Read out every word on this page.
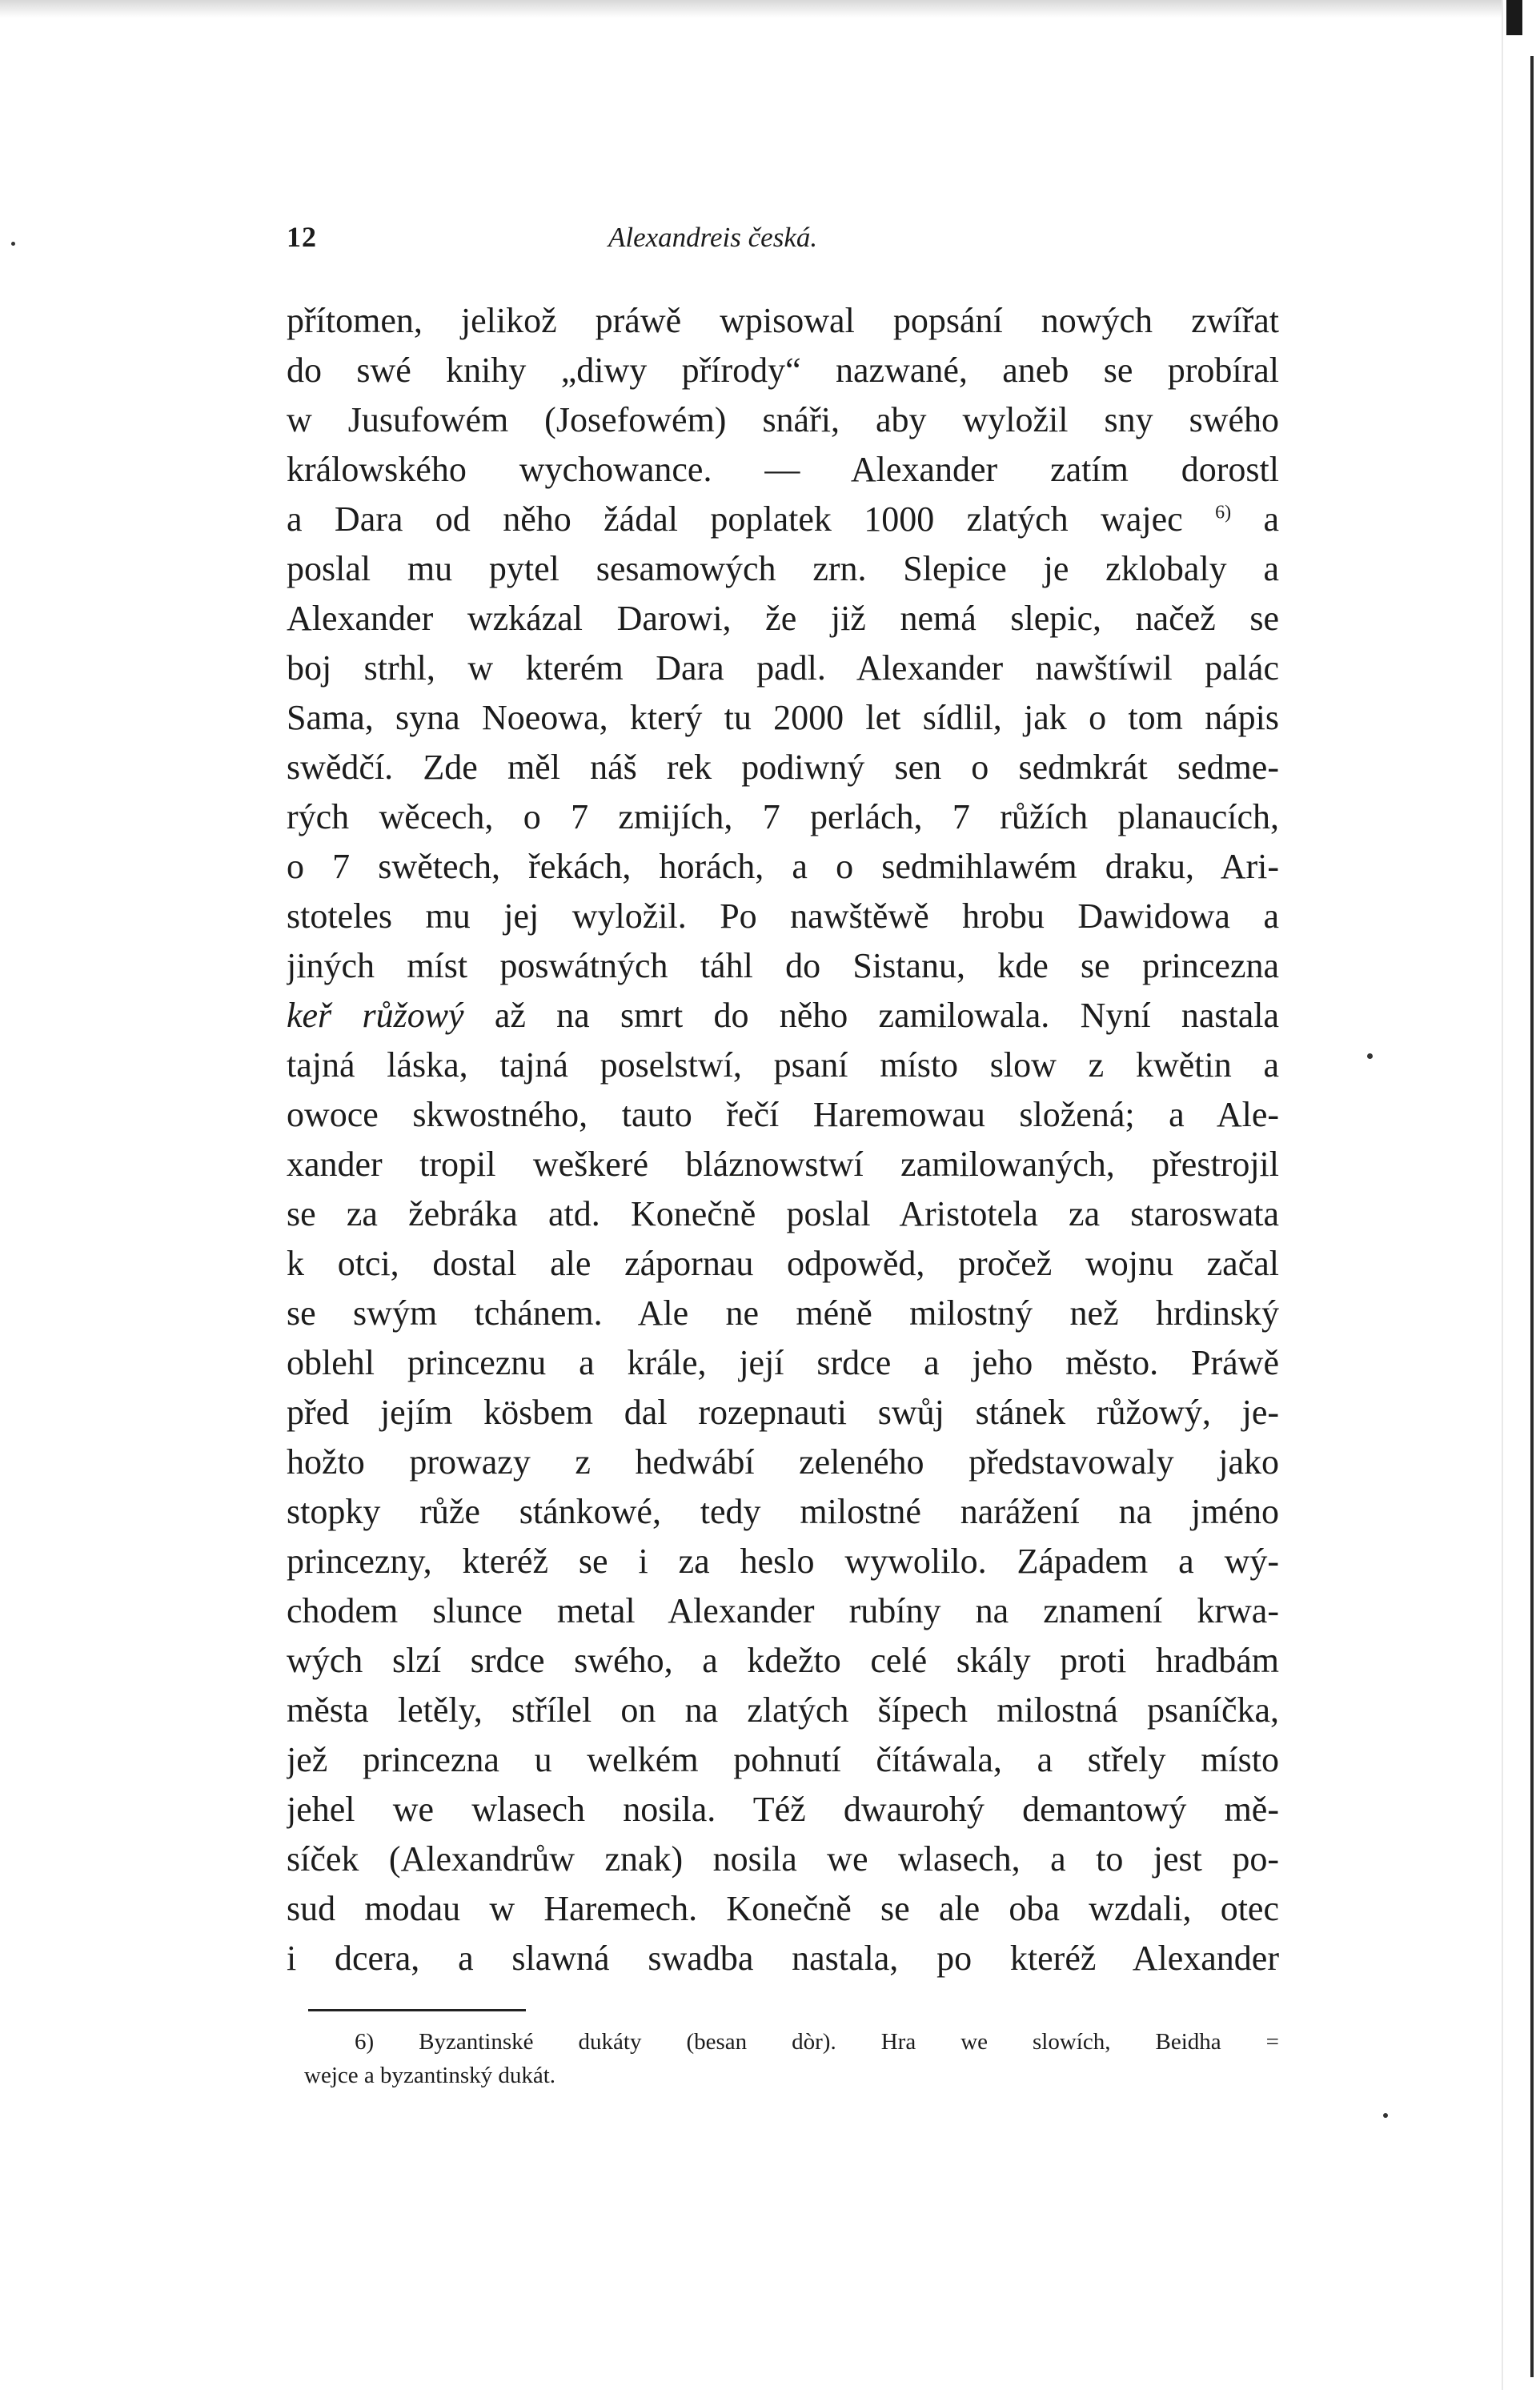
12	Alexandreis česká.
přítomen, jelikož práwě wpisowal popsání nowých zwířat
do swé knihy „diwy přírody“ nazwané, aneb se probíral
w Jusufowém (Josefowém) snáři, aby wyložil sny swého
králowského wychowance. — Alexander zatím dorostl
a Dara od něho žádal poplatek 1000 zlatých wajec $^{6)}$ a
poslal mu pytel sesamowých zrn. Slepice je zklobaly a
Alexander wzkázal Darowi, že již nemá slepic, načež se
boj strhl, w kterém Dara padl. Alexander nawštíwil palác
Sama, syna Noeowa, který tu 2000 let sídlil, jak o tom nápis
swědčí. Zde měl náš rek podiwný sen o sedmkrát sedme-
rých wěcech, o 7 zmijích, 7 perlách, 7 růžích planaucích,
o 7 swětech, řekách, horách, a o sedmihlawém draku, Ari-
stoteles mu jej wyložil. Po nawštěwě hrobu Dawidowa a
jiných míst poswátných táhl do Sistanu, kde se princezna
keř růžowý až na smrt do něho zamilowala. Nyní nastala
tajná láska, tajná poselstwí, psaní místo slow z kwětin a
owoce skwostného, tauto řečí Haremowau složená; a Ale-
xander tropil weškeré bláznowstwí zamilowaných, přestrojil
se za žebráka atd. Konečně poslal Aristotela za staroswata
k otci, dostal ale zápornau odpowěd, pročež wojnu začal
se swým tchánem. Ale ne méně milostný než hrdinský
oblehl princeznu a krále, její srdce a jeho město. Práwě
před jejím kösbem dal rozepnauti swůj stánek růžowý, je-
hožto prowazy z hedwábí zeleného představowaly jako
stopky růže stánkowé, tedy milostné narážení na jméno
princezny, kteréž se i za heslo wywolilo. Západem a wý-
chodem slunce metal Alexander rubíny na znamení krwa-
wých slzí srdce swého, a kdežto celé skály proti hradbám
města letěly, střílel on na zlatých šípech milostná psaníčka,
jež princezna u welkém pohnutí čítáwala, a střely místo
jehel we wlasech nosila. Též dwaurohý demantowý mě-
síček (Alexandrůw znak) nosila we wlasech, a to jest po-
sud modau w Haremech. Konečně se ale oba wzdali, otec
i dcera, a slawná swadba nastala, po kteréž Alexander
6) Byzantinské dukáty (besan dòr). Hra we slowích, Beidha =
wejce a byzantinský dukát.
